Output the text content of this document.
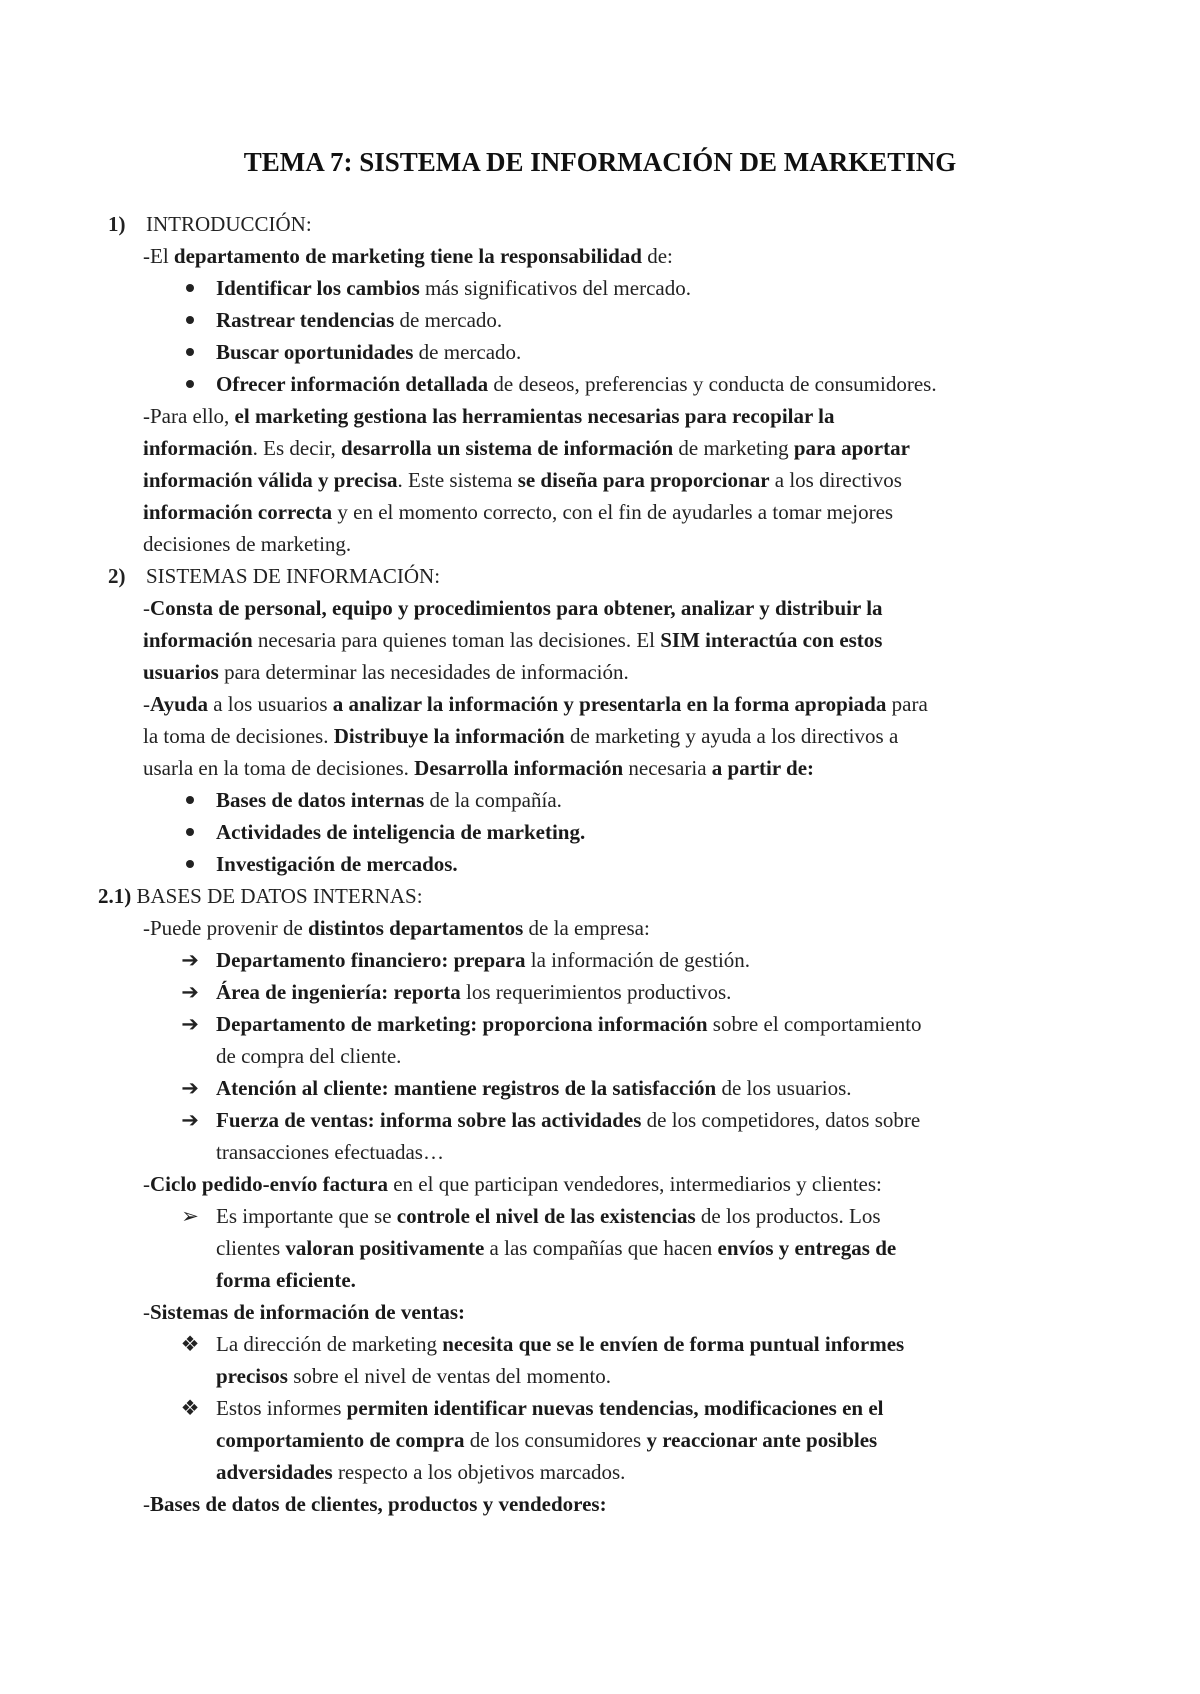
TEMA 7: SISTEMA DE INFORMACIÓN DE MARKETING
1) INTRODUCCIÓN:
-El departamento de marketing tiene la responsabilidad de:
Identificar los cambios más significativos del mercado.
Rastrear tendencias de mercado.
Buscar oportunidades de mercado.
Ofrecer información detallada de deseos, preferencias y conducta de consumidores.
-Para ello, el marketing gestiona las herramientas necesarias para recopilar la
información. Es decir, desarrolla un sistema de información de marketing para aportar
información válida y precisa. Este sistema se diseña para proporcionar a los directivos
información correcta y en el momento correcto, con el fin de ayudarles a tomar mejores
decisiones de marketing.
2) SISTEMAS DE INFORMACIÓN:
-Consta de personal, equipo y procedimientos para obtener, analizar y distribuir la
información necesaria para quienes toman las decisiones. El SIM interactúa con estos
usuarios para determinar las necesidades de información.
-Ayuda a los usuarios a analizar la información y presentarla en la forma apropiada para
la toma de decisiones. Distribuye la información de marketing y ayuda a los directivos a
usarla en la toma de decisiones. Desarrolla información necesaria a partir de:
Bases de datos internas de la compañía.
Actividades de inteligencia de marketing.
Investigación de mercados.
2.1) BASES DE DATOS INTERNAS:
-Puede provenir de distintos departamentos de la empresa:
➔ Departamento financiero: prepara la información de gestión.
➔ Área de ingeniería: reporta los requerimientos productivos.
➔ Departamento de marketing: proporciona información sobre el comportamiento
de compra del cliente.
➔ Atención al cliente: mantiene registros de la satisfacción de los usuarios.
➔ Fuerza de ventas: informa sobre las actividades de los competidores, datos sobre
transacciones efectuadas…
-Ciclo pedido-envío factura en el que participan vendedores, intermediarios y clientes:
➢ Es importante que se controle el nivel de las existencias de los productos. Los
clientes valoran positivamente a las compañías que hacen envíos y entregas de
forma eficiente.
-Sistemas de información de ventas:
❖ La dirección de marketing necesita que se le envíen de forma puntual informes
precisos sobre el nivel de ventas del momento.
❖ Estos informes permiten identificar nuevas tendencias, modificaciones en el
comportamiento de compra de los consumidores y reaccionar ante posibles
adversidades respecto a los objetivos marcados.
-Bases de datos de clientes, productos y vendedores:
